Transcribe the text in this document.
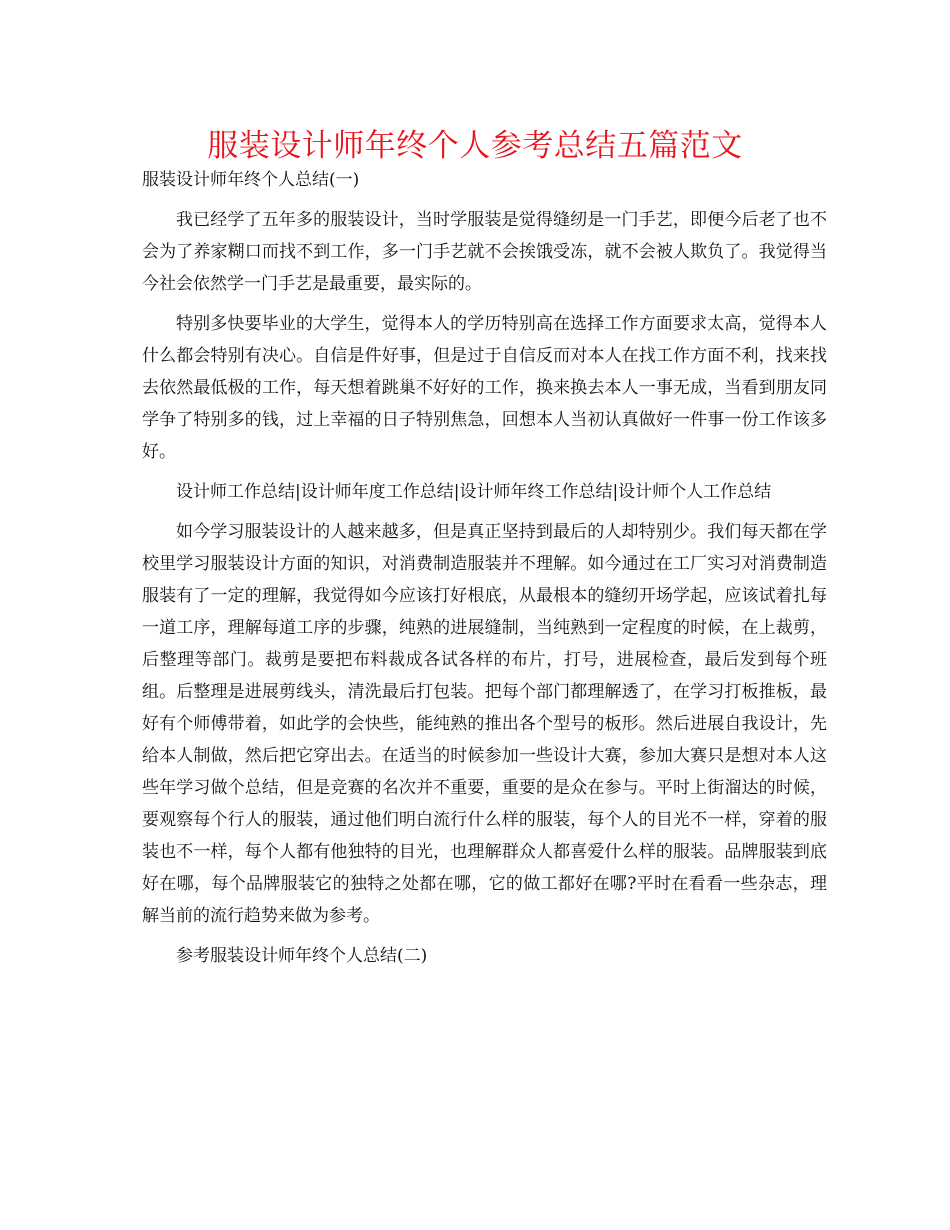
服装设计师年终个人参考总结五篇范文

服装设计师年终个人总结(一)

我已经学了五年多的服装设计，当时学服装是觉得缝纫是一门手艺，即便今后老了也不会为了养家糊口而找不到工作，多一门手艺就不会挨饿受冻，就不会被人欺负了。我觉得当今社会依然学一门手艺是最重要，最实际的。

特别多快要毕业的大学生，觉得本人的学历特别高在选择工作方面要求太高，觉得本人什么都会特别有决心。自信是件好事，但是过于自信反而对本人在找工作方面不利，找来找去依然最低极的工作，每天想着跳巢不好好的工作，换来换去本人一事无成，当看到朋友同学争了特别多的钱，过上幸福的日子特别焦急，回想本人当初认真做好一件事一份工作该多好。

设计师工作总结|设计师年度工作总结|设计师年终工作总结|设计师个人工作总结

如今学习服装设计的人越来越多，但是真正坚持到最后的人却特别少。我们每天都在学校里学习服装设计方面的知识，对消费制造服装并不理解。如今通过在工厂实习对消费制造服装有了一定的理解，我觉得如今应该打好根底，从最根本的缝纫开场学起，应该试着扎每一道工序，理解每道工序的步骤，纯熟的进展缝制，当纯熟到一定程度的时候，在上裁剪，后整理等部门。裁剪是要把布料裁成各试各样的布片，打号，进展检查，最后发到每个班组。后整理是进展剪线头，清洗最后打包装。把每个部门都理解透了，在学习打板推板，最好有个师傅带着，如此学的会快些，能纯熟的推出各个型号的板形。然后进展自我设计，先给本人制做，然后把它穿出去。在适当的时候参加一些设计大赛，参加大赛只是想对本人这些年学习做个总结，但是竞赛的名次并不重要，重要的是众在参与。平时上街溜达的时候，要观察每个行人的服装，通过他们明白流行什么样的服装，每个人的目光不一样，穿着的服装也不一样，每个人都有他独特的目光，也理解群众人都喜爱什么样的服装。品牌服装到底好在哪，每个品牌服装它的独特之处都在哪，它的做工都好在哪?平时在看看一些杂志，理解当前的流行趋势来做为参考。

参考服装设计师年终个人总结(二)
